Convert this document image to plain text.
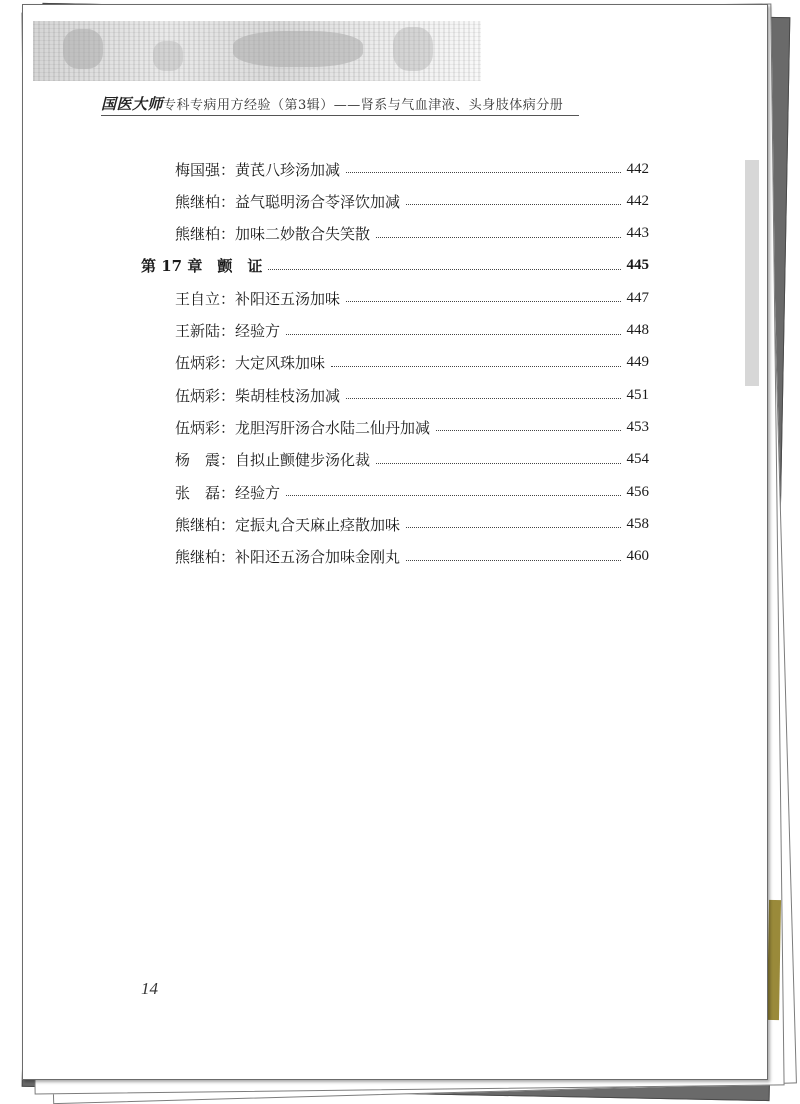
国医大师专科专病用方经验（第3辑）——肾系与气血津液、头身肢体病分册
梅国强：黄芪八珍汤加减	442
熊继柏：益气聪明汤合苓泽饮加减	442
熊继柏：加味二妙散合失笑散	443
第 17 章　颤　证	445
王自立：补阳还五汤加味	447
王新陆：经验方	448
伍炳彩：大定风珠加味	449
伍炳彩：柴胡桂枝汤加减	451
伍炳彩：龙胆泻肝汤合水陆二仙丹加减	453
杨　震：自拟止颤健步汤化裁	454
张　磊：经验方	456
熊继柏：定振丸合天麻止痉散加味	458
熊继柏：补阳还五汤合加味金刚丸	460
14
